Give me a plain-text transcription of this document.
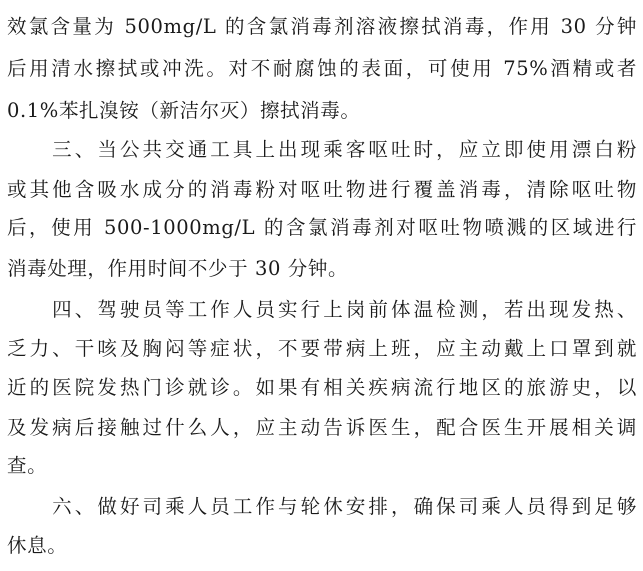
效氯含量为 500mg/L 的含氯消毒剂溶液擦拭消毒，作用 30 分钟
后用清水擦拭或冲洗。对不耐腐蚀的表面，可使用 75%酒精或者
0.1%苯扎溴铵（新洁尔灭）擦拭消毒。
　　三、当公共交通工具上出现乘客呕吐时，应立即使用漂白粉
或其他含吸水成分的消毒粉对呕吐物进行覆盖消毒，清除呕吐物
后，使用 500-1000mg/L 的含氯消毒剂对呕吐物喷溅的区域进行
消毒处理，作用时间不少于 30 分钟。
　　四、驾驶员等工作人员实行上岗前体温检测，若出现发热、
乏力、干咳及胸闷等症状，不要带病上班，应主动戴上口罩到就
近的医院发热门诊就诊。如果有相关疾病流行地区的旅游史，以
及发病后接触过什么人，应主动告诉医生，配合医生开展相关调
查。
　　六、做好司乘人员工作与轮休安排，确保司乘人员得到足够
休息。
